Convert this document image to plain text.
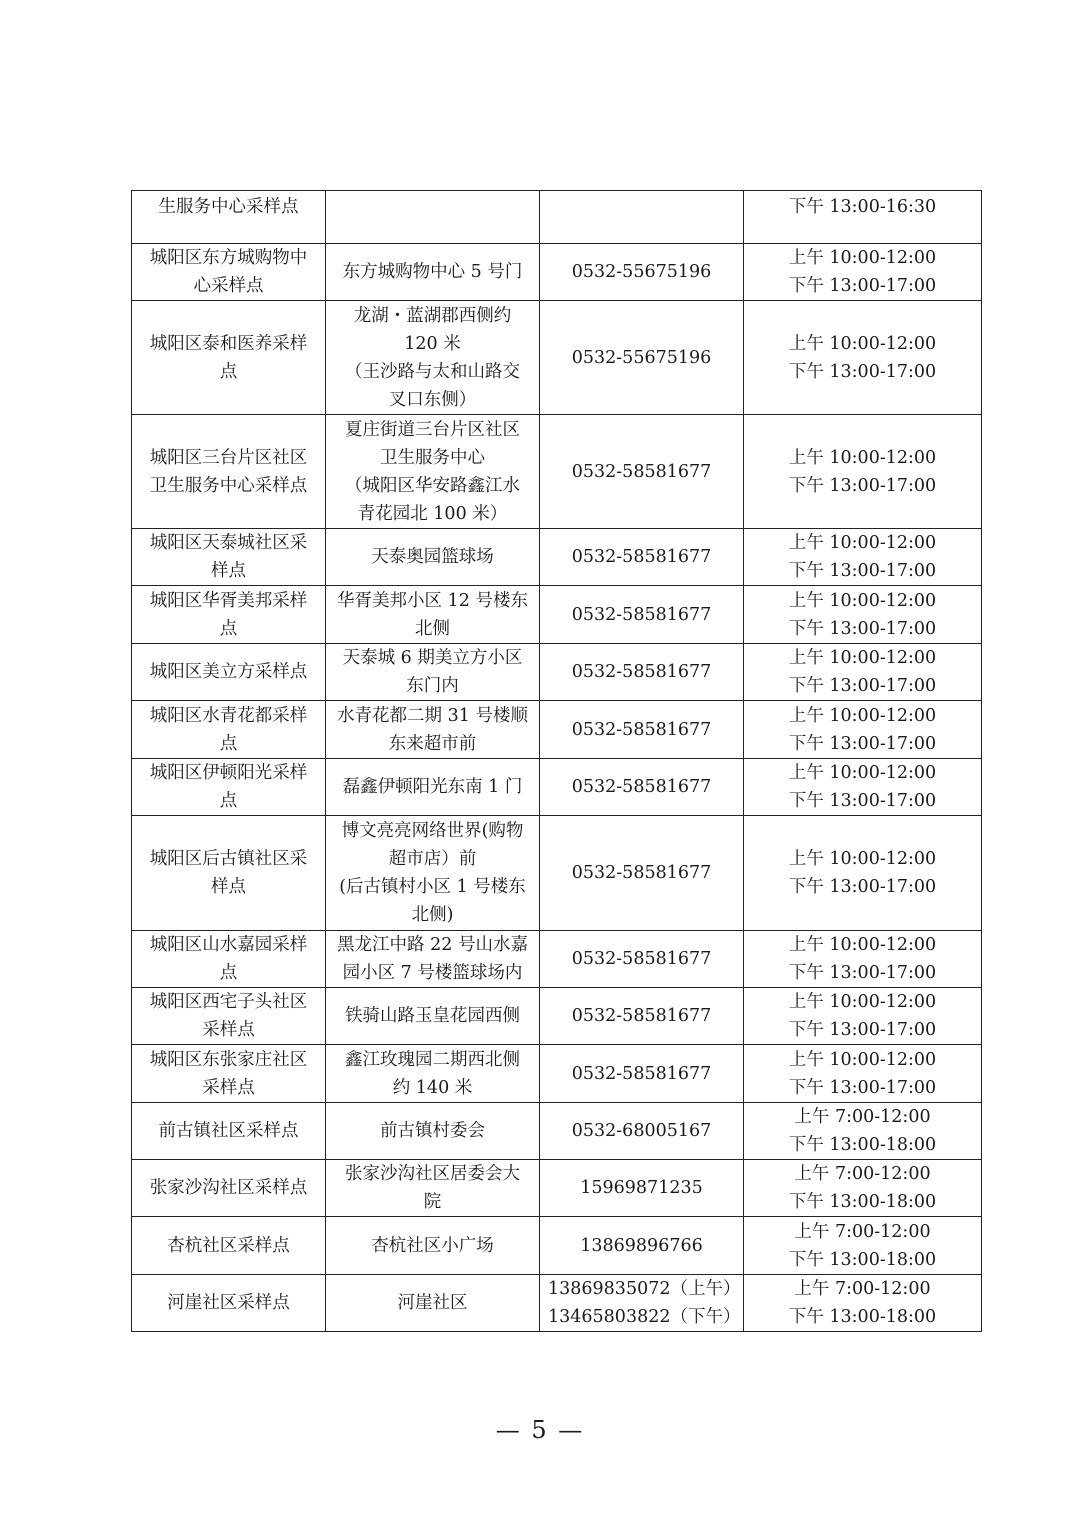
生服务中心采样点			下午 13:00-16:30

城阳区东方城购物中
心采样点	东方城购物中心 5 号门	0532-55675196	上午 10:00-12:00
下午 13:00-17:00

城阳区泰和医养采样
点	龙湖・蓝湖郡西侧约
120 米
（王沙路与太和山路交
叉口东侧）	0532-55675196	上午 10:00-12:00
下午 13:00-17:00

城阳区三台片区社区
卫生服务中心采样点	夏庄街道三台片区社区
卫生服务中心
（城阳区华安路鑫江水
青花园北 100 米）	0532-58581677	上午 10:00-12:00
下午 13:00-17:00

城阳区天泰城社区采
样点	天泰奥园篮球场	0532-58581677	上午 10:00-12:00
下午 13:00-17:00

城阳区华胥美邦采样
点	华胥美邦小区 12 号楼东
北侧	0532-58581677	上午 10:00-12:00
下午 13:00-17:00

城阳区美立方采样点	天泰城 6 期美立方小区
东门内	0532-58581677	上午 10:00-12:00
下午 13:00-17:00

城阳区水青花都采样
点	水青花都二期 31 号楼顺
东来超市前	0532-58581677	上午 10:00-12:00
下午 13:00-17:00

城阳区伊顿阳光采样
点	磊鑫伊顿阳光东南 1 门	0532-58581677	上午 10:00-12:00
下午 13:00-17:00

城阳区后古镇社区采
样点	博文亮亮网络世界(购物
超市店）前
(后古镇村小区 1 号楼东
北侧)	0532-58581677	上午 10:00-12:00
下午 13:00-17:00

城阳区山水嘉园采样
点	黑龙江中路 22 号山水嘉
园小区 7 号楼篮球场内	0532-58581677	上午 10:00-12:00
下午 13:00-17:00

城阳区西宅子头社区
采样点	铁骑山路玉皇花园西侧	0532-58581677	上午 10:00-12:00
下午 13:00-17:00

城阳区东张家庄社区
采样点	鑫江玫瑰园二期西北侧
约 140 米	0532-58581677	上午 10:00-12:00
下午 13:00-17:00

前古镇社区采样点	前古镇村委会	0532-68005167	上午 7:00-12:00
下午 13:00-18:00

张家沙沟社区采样点	张家沙沟社区居委会大
院	15969871235	上午 7:00-12:00
下午 13:00-18:00

杏杭社区采样点	杏杭社区小广场	13869896766	上午 7:00-12:00
下午 13:00-18:00

河崖社区采样点	河崖社区	13869835072（上午）
13465803822（下午）	上午 7:00-12:00
下午 13:00-18:00
— 5 —
